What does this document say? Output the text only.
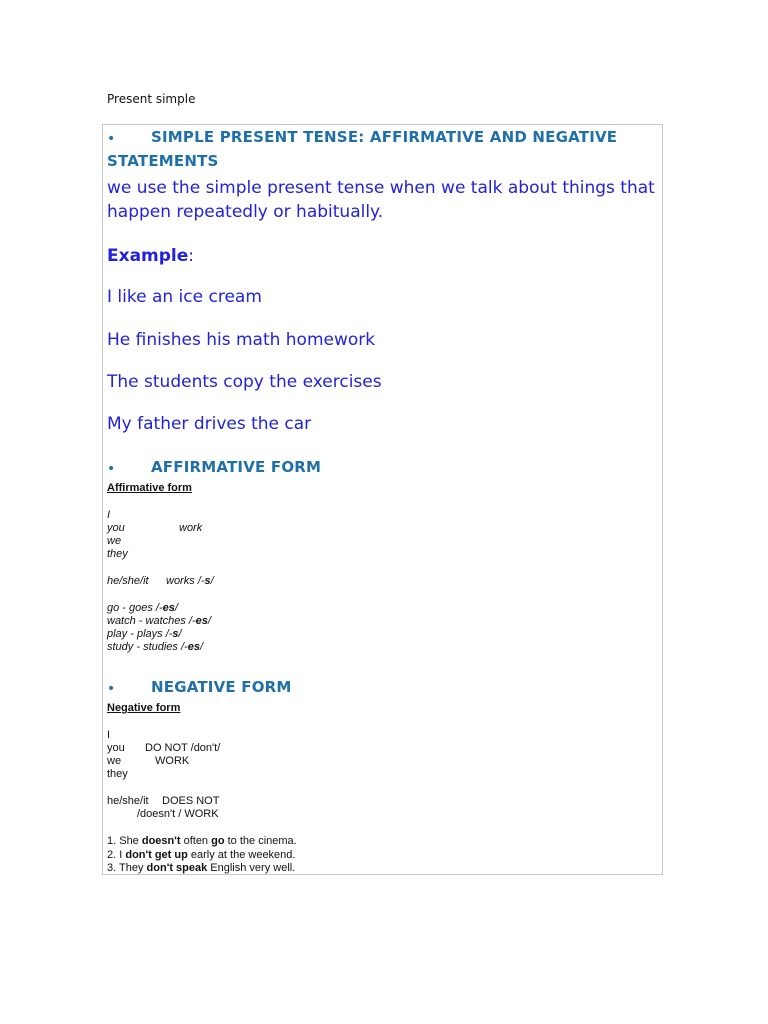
Present simple
• SIMPLE PRESENT TENSE: AFFIRMATIVE AND NEGATIVE
STATEMENTS
we use the simple present tense when we talk about things that
happen repeatedly or habitually.
Example:
I like an ice cream
He finishes his math homework
The students copy the exercises
My father drives the car
• AFFIRMATIVE FORM
Affirmative form
I
you	work
we
they
he/she/it works /-s/
go - goes /-es/
watch - watches /-es/
play - plays /-s/
study - studies /-es/
• NEGATIVE FORM
Negative form
I
you DO NOT /don't/
we	WORK
they
he/she/it DOES NOT
/doesn't / WORK
1. She doesn't often go to the cinema.
2. I don't get up early at the weekend.
3. They don't speak English very well.
